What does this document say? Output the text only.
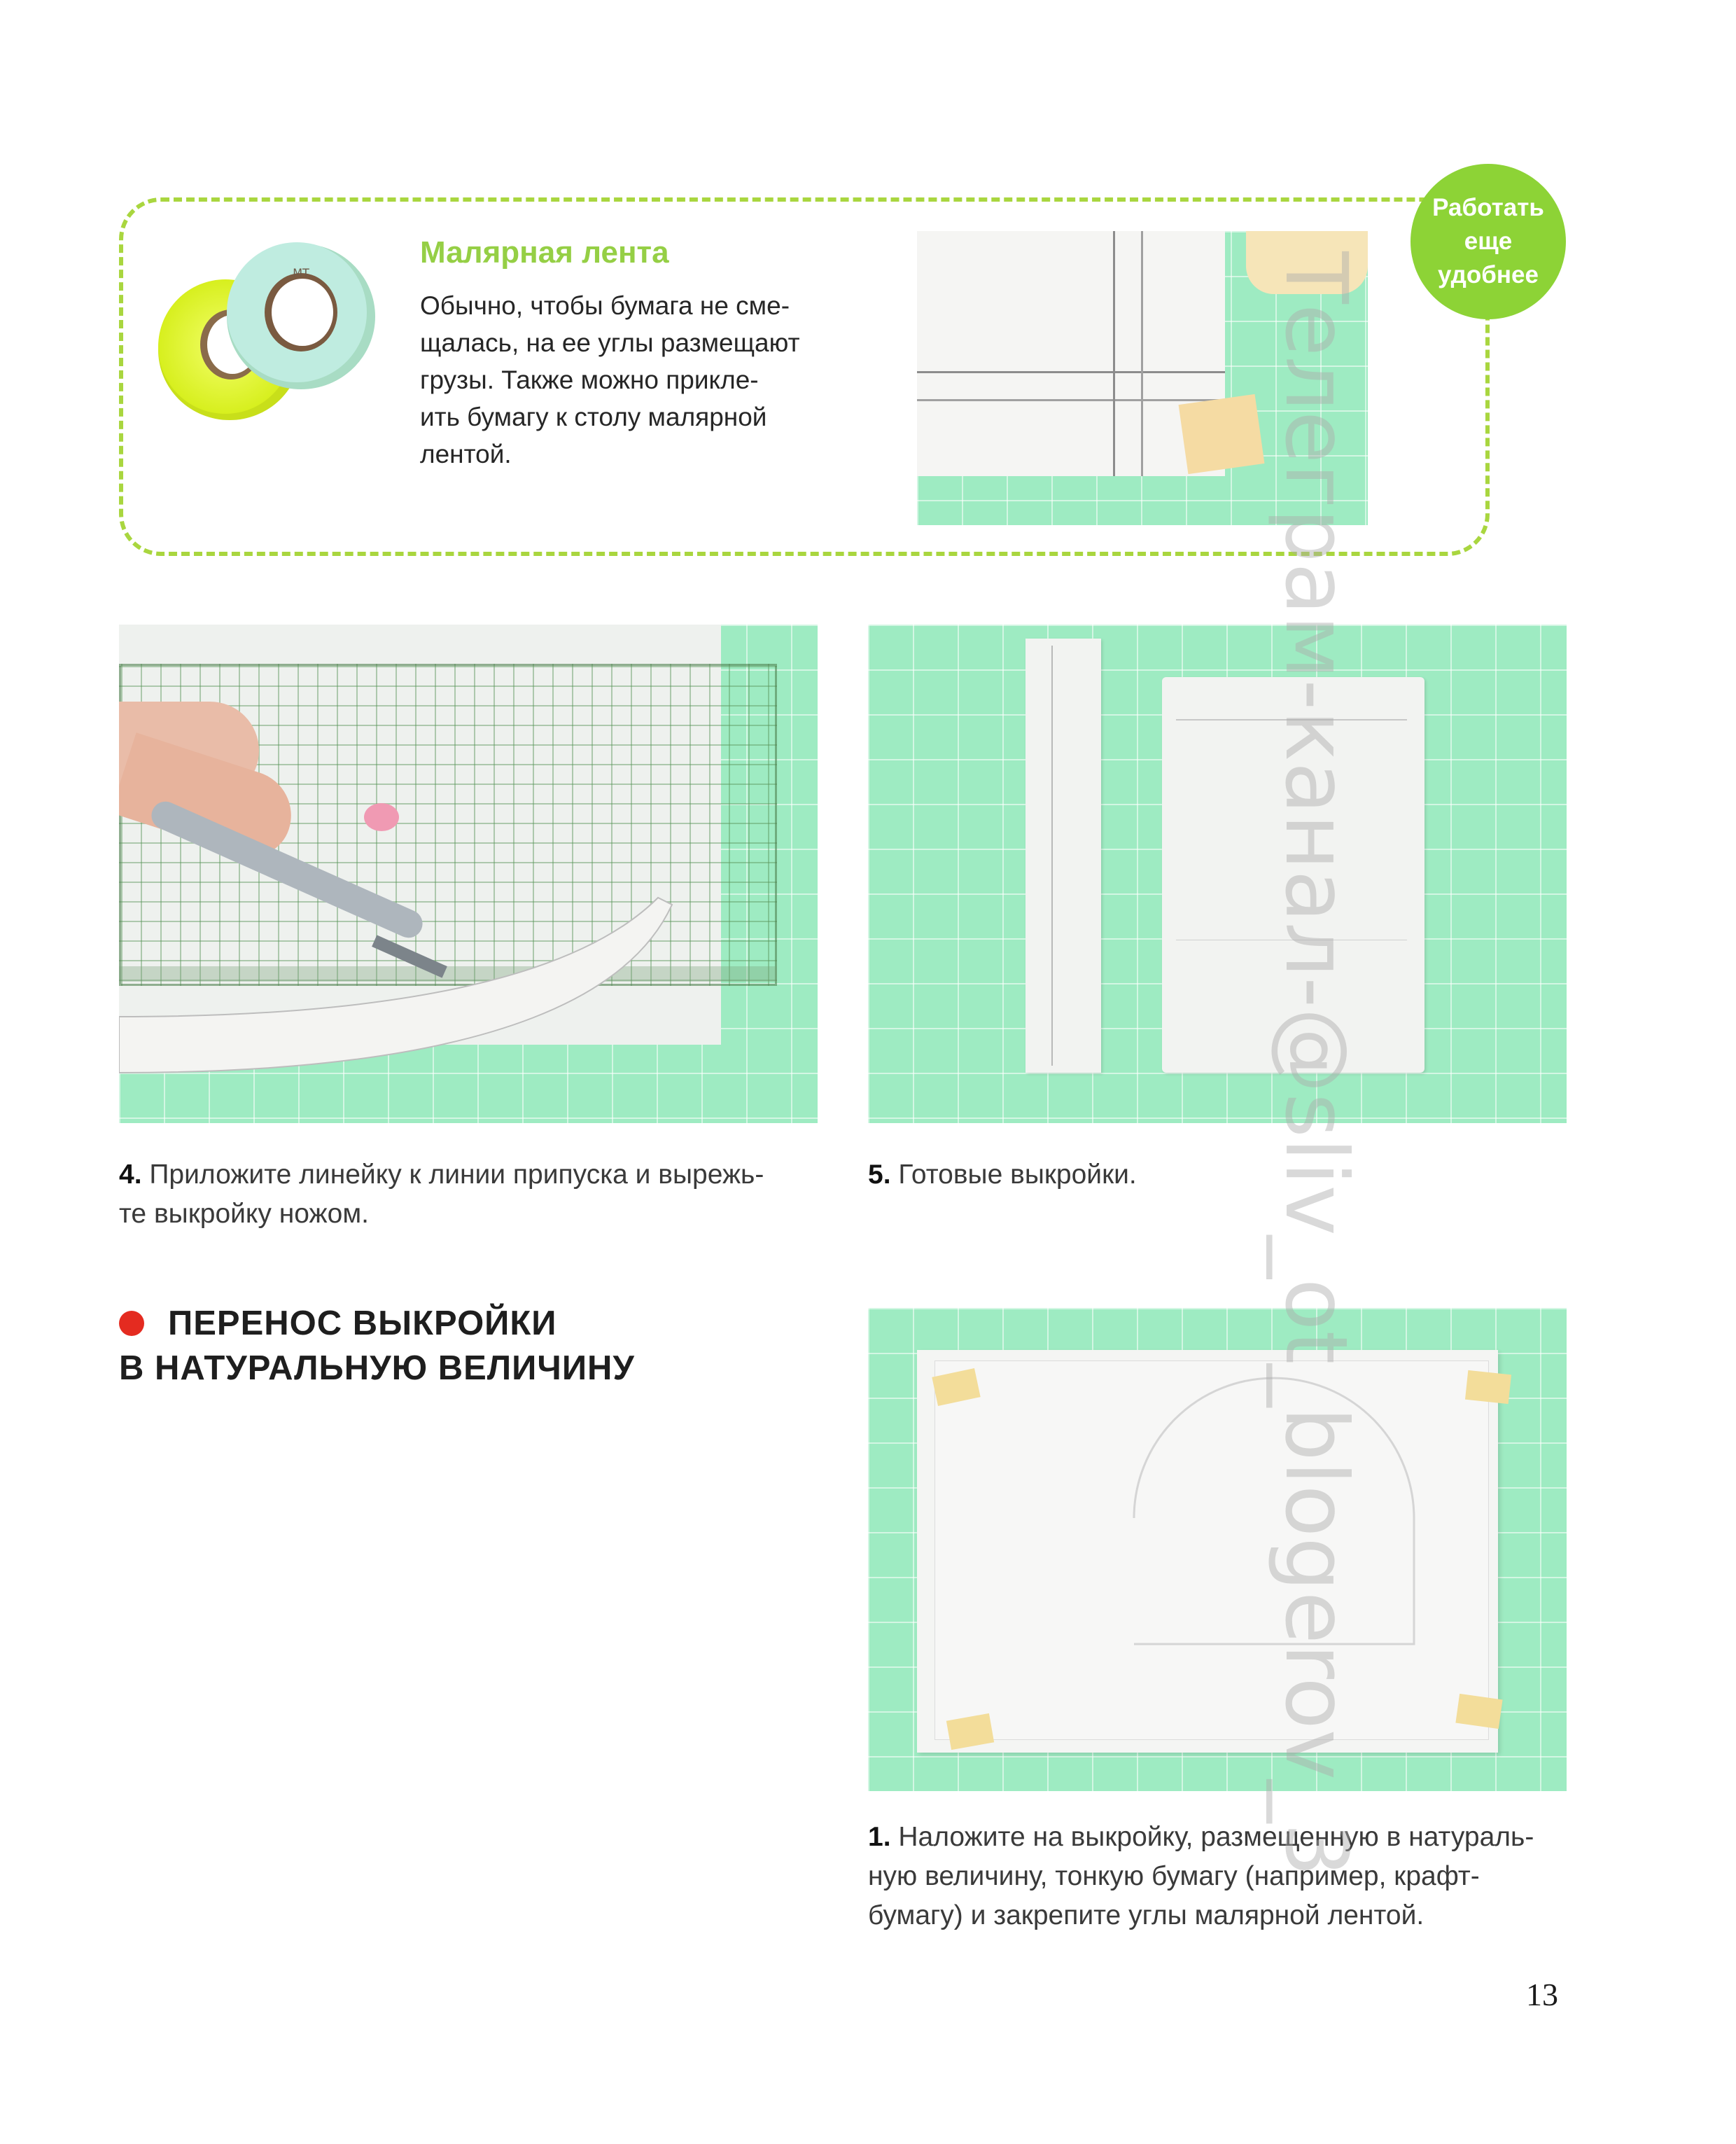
Работать
еще
удобнее
MT
Малярная лента
Обычно, чтобы бумага не сме-
щалась, на ее углы размещают
грузы. Также можно прикле-
ить бумагу к столу малярной
лентой.
4. Приложите линейку к линии припуска и вырежь-
те выкройку ножом.
5. Готовые выкройки.
ПЕРЕНОС ВЫКРОЙКИ
В НАТУРАЛЬНУЮ ВЕЛИЧИНУ
1. Наложите на выкройку, размещенную в натураль-
ную величину, тонкую бумагу (например, крафт-
бумагу) и закрепите углы малярной лентой.
13
Телеграм-канал-@sliv_ot_blogerov_3
